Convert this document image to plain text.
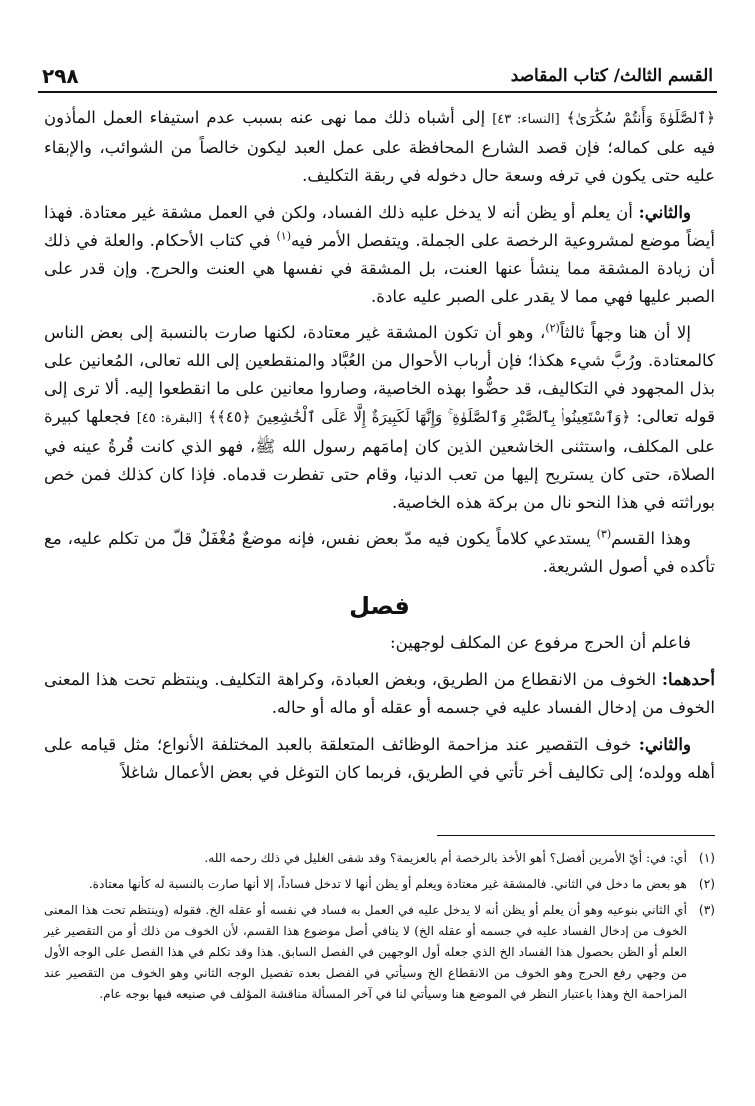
القسم الثالث/ كتاب المقاصد
٢٩٨

﴿ٱلصَّلَوٰةَ وَأَنتُمْ سُكَٰرَىٰ﴾ [النساء: ٤٣] إلى أشباه ذلك مما نهى عنه بسبب عدم استيفاء العمل المأذون فيه على كماله؛ فإن قصد الشارع المحافظة على عمل العبد ليكون خالصاً من الشوائب، والإبقاء عليه حتى يكون في ترفه وسعة حال دخوله في ربقة التكليف.

والثاني: أن يعلم أو يظن أنه لا يدخل عليه ذلك الفساد، ولكن في العمل مشقة غير معتادة. فهذا أيضاً موضع لمشروعية الرخصة على الجملة. ويتفصل الأمر فيه$^{(١)}$ في كتاب الأحكام. والعلة في ذلك أن زيادة المشقة مما ينشأ عنها العنت، بل المشقة في نفسها هي العنت والحرج. وإن قدر على الصبر عليها فهي مما لا يقدر على الصبر عليه عادة.

إلا أن هنا وجهاً ثالثاً$^{(٢)}$، وهو أن تكون المشقة غير معتادة، لكنها صارت بالنسبة إلى بعض الناس كالمعتادة. ورُبَّ شيء هكذا؛ فإن أرباب الأحوال من العُبَّاد والمنقطعين إلى الله تعالى، المُعانين على بذل المجهود في التكاليف، قد حضُّوا بهذه الخاصية، وصاروا معانين على ما انقطعوا إليه. ألا ترى إلى قوله تعالى: ﴿وَٱسْتَعِينُوا۟ بِٱلصَّبْرِ وَٱلصَّلَوٰةِ ۚ وَإِنَّهَا لَكَبِيرَةٌ إِلَّا عَلَى ٱلْخَٰشِعِينَ ﴿٤٥﴾﴾ [البقرة: ٤٥] فجعلها كبيرة على المكلف، واستثنى الخاشعين الذين كان إمامَهم رسول الله ﷺ، فهو الذي كانت قُرةُ عينه في الصلاة، حتى كان يستريح إليها من تعب الدنيا، وقام حتى تفطرت قدماه. فإذا كان كذلك فمن خص بوراثته في هذا النحو نال من بركة هذه الخاصية.

وهذا القسم$^{(٣)}$ يستدعي كلاماً يكون فيه مدّ بعض نفس، فإنه موضعٌ مُغْفَلٌ قلّ من تكلم عليه، مع تأكده في أصول الشريعة.

فصل

فاعلم أن الحرج مرفوع عن المكلف لوجهين:

أحدهما: الخوف من الانقطاع من الطريق، وبغض العبادة، وكراهة التكليف. وينتظم تحت هذا المعنى الخوف من إدخال الفساد عليه في جسمه أو عقله أو ماله أو حاله.

والثاني: خوف التقصير عند مزاحمة الوظائف المتعلقة بالعبد المختلفة الأنواع؛ مثل قيامه على أهله وولده؛ إلى تكاليف أخر تأتي في الطريق، فربما كان التوغل في بعض الأعمال شاغلاً

(١)
أي: في: أيّ الأمرين أفضل؟ أهو الأخذ بالرخصة أم بالعزيمة؟ وقد شفى الغليل في ذلك رحمه الله.
(٢)
هو بعض ما دخل في الثاني. فالمشقة غير معتادة ويعلم أو يظن أنها لا تدخل فساداً، إلا أنها صارت بالنسبة له كأنها معتادة.
(٣)
أي الثاني بنوعيه وهو أن يعلم أو يظن أنه لا يدخل عليه في العمل به فساد في نفسه أو عقله الخ. فقوله (وينتظم تحت هذا المعنى الخوف من إدخال الفساد عليه في جسمه أو عقله الخ) لا ينافي أصل موضوع هذا القسم، لأن الخوف من ذلك أو من التقصير غير العلم أو الظن بحصول هذا الفساد الخ الذي جعله أول الوجهين في الفصل السابق. هذا وقد تكلم في هذا الفصل على الوجه الأول من وجهي رفع الحرج وهو الخوف من الانقطاع الخ وسيأتي في الفصل بعده تفصيل الوجه الثاني وهو الخوف من التقصير عند المزاحمة الخ وهذا باعتبار النظر في الموضع هنا وسيأتي لنا في آخر المسألة مناقشة المؤلف في صنيعه فيها بوجه عام.
